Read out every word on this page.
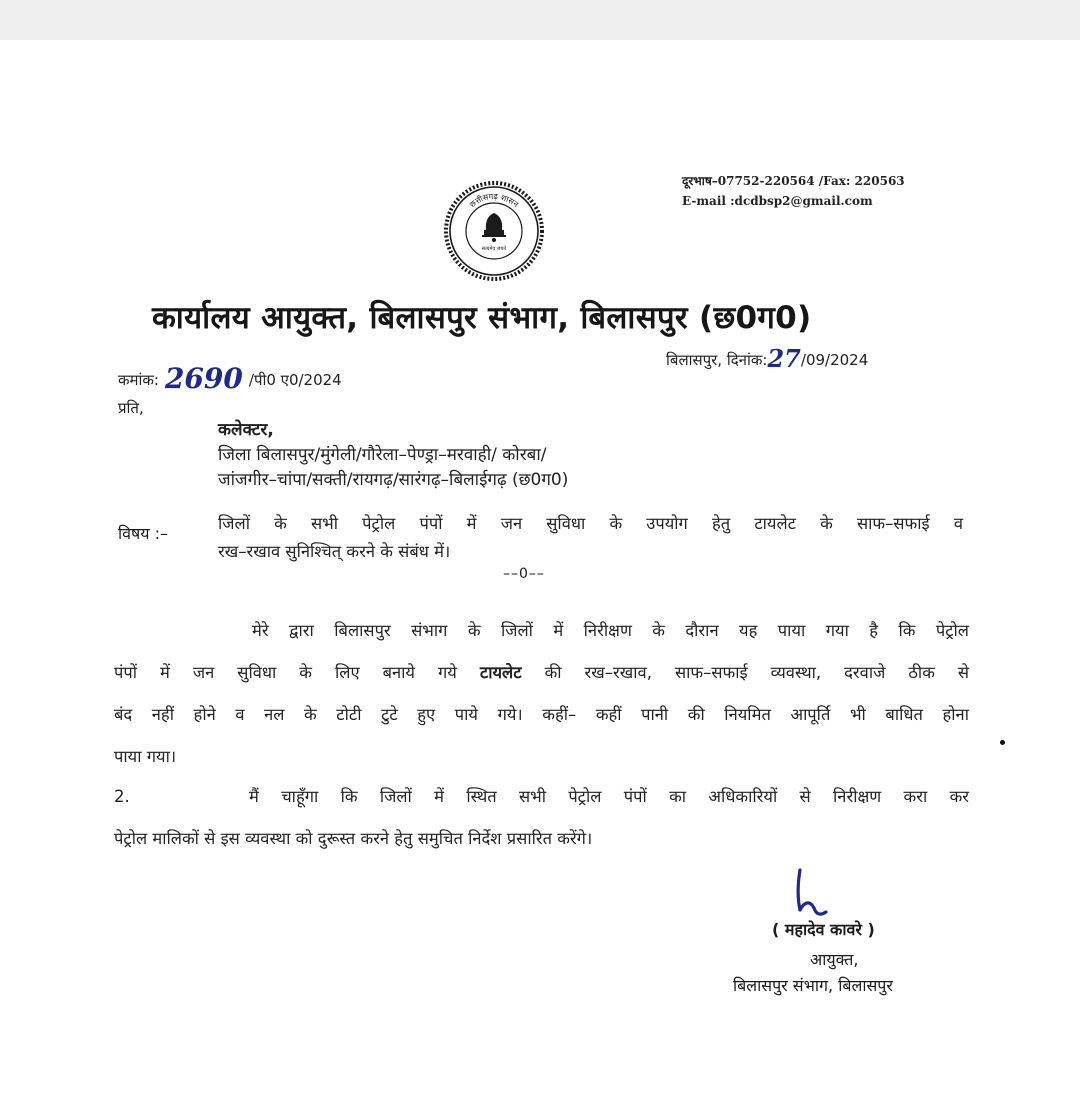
दूरभाष–07752-220564 /Fax: 220563
E-mail :dcdbsp2@gmail.com
छत्तीसगढ़ शासन
सत्यमेव जयते
कार्यालय आयुक्त, बिलासपुर संभाग, बिलासपुर (छ0ग0)
कमांक: 2690 /पी0 ए0/2024
बिलासपुर, दिनांक:27/09/2024
प्रति,
कलेक्टर,
जिला बिलासपुर/मुंगेली/गौरेला–पेण्ड्रा–मरवाही/ कोरबा/
जांजगीर–चांपा/सक्ती/रायगढ़/सारंगढ़–बिलाईगढ़ (छ0ग0)
विषय :–
जिलों के सभी पेट्रोल पंपों में जन सुविधा के उपयोग हेतु टायलेट के साफ–सफाई व
रख–रखाव सुनिश्चित् करने के संबंध में।
––0––
मेरे द्वारा बिलासपुर संभाग के जिलों में निरीक्षण के दौरान यह पाया गया है कि पेट्रोल
पंपों में जन सुविधा के लिए बनाये गये टायलेट की रख–रखाव, साफ–सफाई व्यवस्था, दरवाजे ठीक से
बंद नहीं होने व नल के टोटी टुटे हुए पाये गये। कहीं– कहीं पानी की नियमित आपूर्ति भी बाधित होना
पाया गया।
2.	मैं चाहूँगा कि जिलों में स्थित सभी पेट्रोल पंपों का अधिकारियों से निरीक्षण करा कर
पेट्रोल मालिकों से इस व्यवस्था को दुरूस्त करने हेतु समुचित निर्देश प्रसारित करेंगे।
( महादेव कावरे )
आयुक्त,
बिलासपुर संभाग, बिलासपुर
